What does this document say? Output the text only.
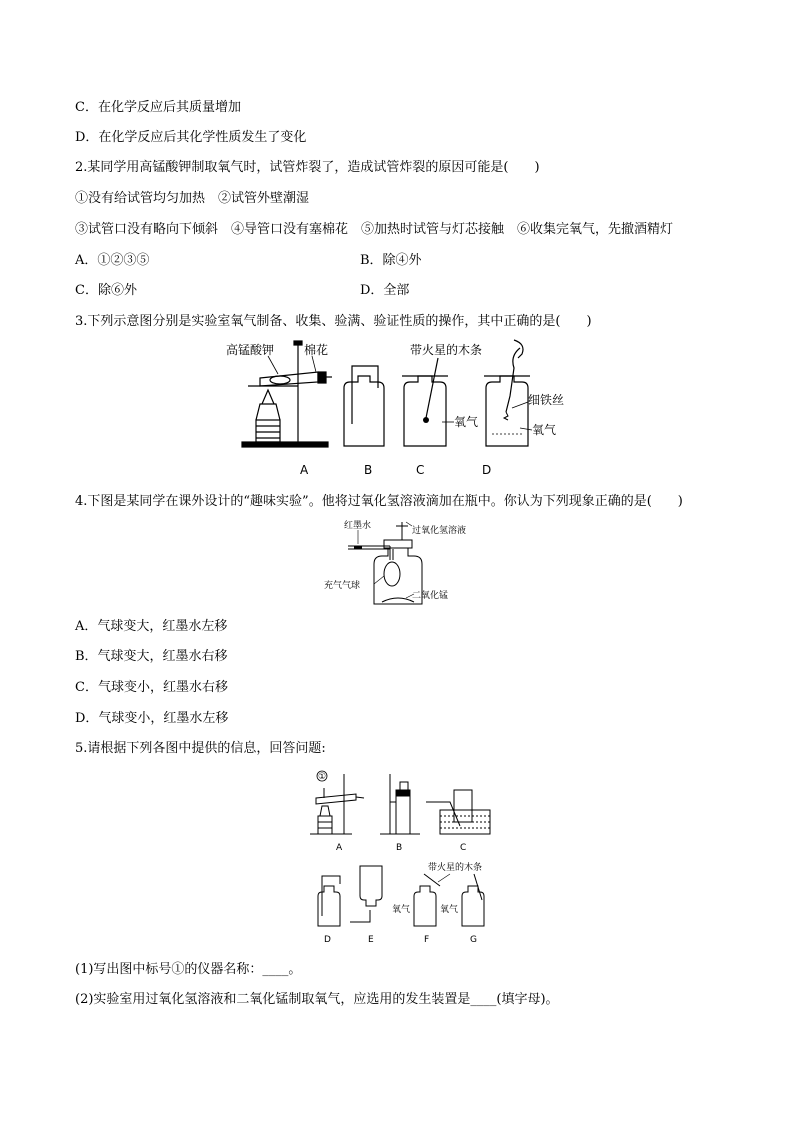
C．在化学反应后其质量增加
D．在化学反应后其化学性质发生了变化
2.某同学用高锰酸钾制取氧气时，试管炸裂了，造成试管炸裂的原因可能是(　　)
①没有给试管均匀加热　②试管外壁潮湿
③试管口没有略向下倾斜　④导管口没有塞棉花　⑤加热时试管与灯芯接触　⑥收集完氧气，先撤酒精灯
A．①②③⑤	B．除④外
C．除⑥外	D．全部
3.下列示意图分别是实验室氧气制备、收集、验满、验证性质的操作，其中正确的是(　　)
高锰酸钾 棉花	带火星的木条
氧气
细铁丝
氧气
A	B	C	D
4.下图是某同学在课外设计的“趣味实验”。他将过氧化氢溶液滴加在瓶中。你认为下列现象正确的是(　　)
红墨水	过氧化氢溶液
充气气球
二氧化锰
A．气球变大，红墨水左移
B．气球变大，红墨水右移
C．气球变小，红墨水右移
D．气球变小，红墨水左移
5.请根据下列各图中提供的信息，回答问题:
①
A	B	C
带火星的木条
氧气	氧气
D	E	F	G
(1)写出图中标号①的仪器名称：____。
(2)实验室用过氧化氢溶液和二氧化锰制取氧气，应选用的发生装置是____(填字母)。
